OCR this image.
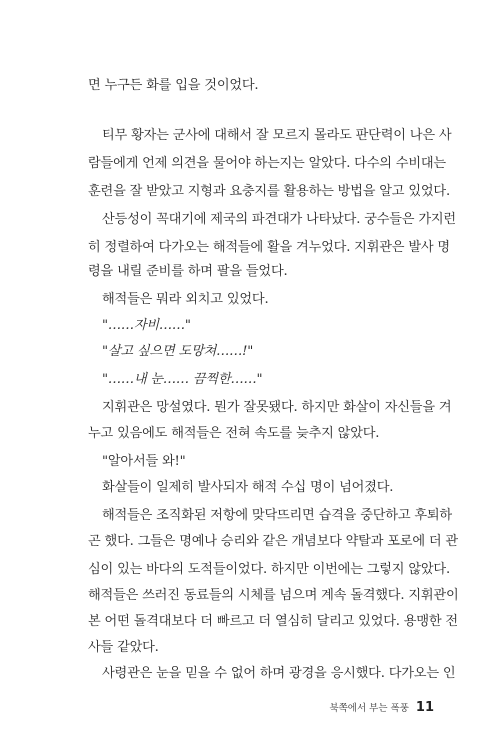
면 누구든 화를 입을 것이었다.
티무 황자는 군사에 대해서 잘 모르지 몰라도 판단력이 나은 사
람들에게 언제 의견을 물어야 하는지는 알았다. 다수의 수비대는
훈련을 잘 받았고 지형과 요충지를 활용하는 방법을 알고 있었다.
산등성이 꼭대기에 제국의 파견대가 나타났다. 궁수들은 가지런
히 정렬하여 다가오는 해적들에 활을 겨누었다. 지휘관은 발사 명
령을 내릴 준비를 하며 팔을 들었다.
해적들은 뭐라 외치고 있었다.
"……자비……"
"살고 싶으면 도망쳐……!"
"……내 눈…… 끔찍한……"
지휘관은 망설였다. 뭔가 잘못됐다. 하지만 화살이 자신들을 겨
누고 있음에도 해적들은 전혀 속도를 늦추지 않았다.
"알아서들 와!"
화살들이 일제히 발사되자 해적 수십 명이 넘어졌다.
해적들은 조직화된 저항에 맞닥뜨리면 습격을 중단하고 후퇴하
곤 했다. 그들은 명예나 승리와 같은 개념보다 약탈과 포로에 더 관
심이 있는 바다의 도적들이었다. 하지만 이번에는 그렇지 않았다.
해적들은 쓰러진 동료들의 시체를 넘으며 계속 돌격했다. 지휘관이
본 어떤 돌격대보다 더 빠르고 더 열심히 달리고 있었다. 용맹한 전
사들 같았다.
사령관은 눈을 믿을 수 없어 하며 광경을 응시했다. 다가오는 인
북쪽에서 부는 폭풍 11
